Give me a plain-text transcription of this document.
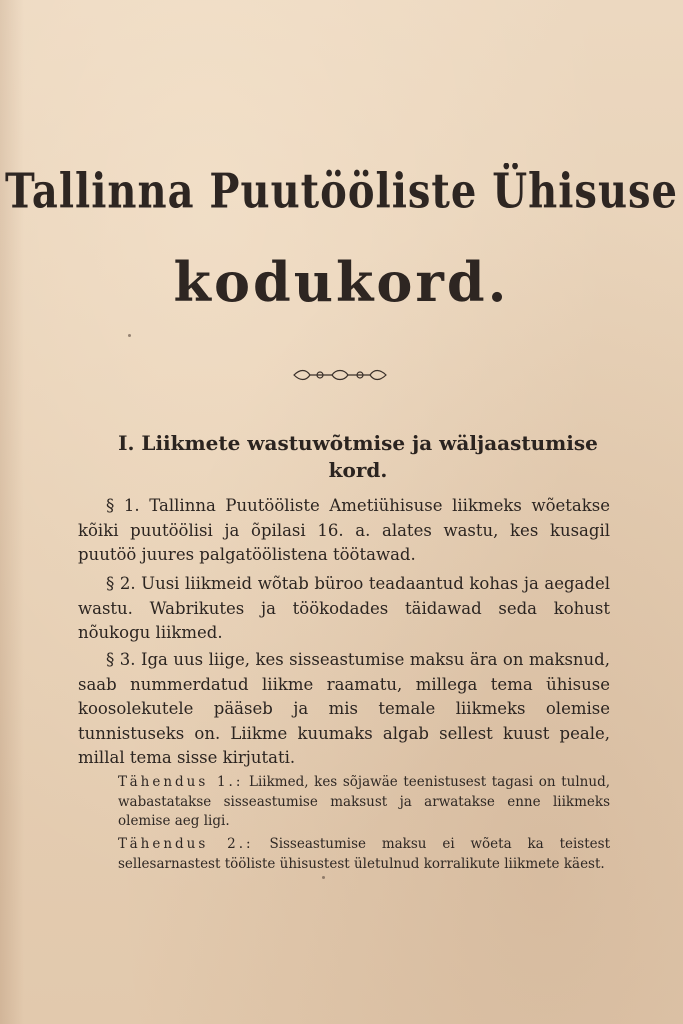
Tallinna Puutööliste Ühisuse
kodukord.
I. Liikmete wastuwõtmise ja wäljaastumise kord.
§ 1. Tallinna Puutööliste Ametiühisuse liikmeks wõetakse kõiki puutöölisi ja õpilasi 16. a. alates wastu, kes kusagil puutöö juures palgatöölistena töötawad.
§ 2. Uusi liikmeid wõtab büroo teadaantud kohas ja aegadel wastu. Wabrikutes ja töökodades täidawad seda kohust nõukogu liikmed.
§ 3. Iga uus liige, kes sisseastumise maksu ära on maksnud, saab nummerdatud liikme raamatu, millega tema ühisuse koosolekutele pääseb ja mis temale liikmeks olemise tunnistuseks on. Liikme kuumaks algab sellest kuust peale, millal tema sisse kirjutati.
Tähendus 1.: Liikmed, kes sõjawäe teenistusest tagasi on tulnud, wabastatakse sisseastumise maksust ja arwatakse enne liikmeks olemise aeg ligi.
Tähendus 2.: Sisseastumise maksu ei wõeta ka teistest sellesarnastest tööliste ühisustest ületulnud korralikute liikmete käest.
